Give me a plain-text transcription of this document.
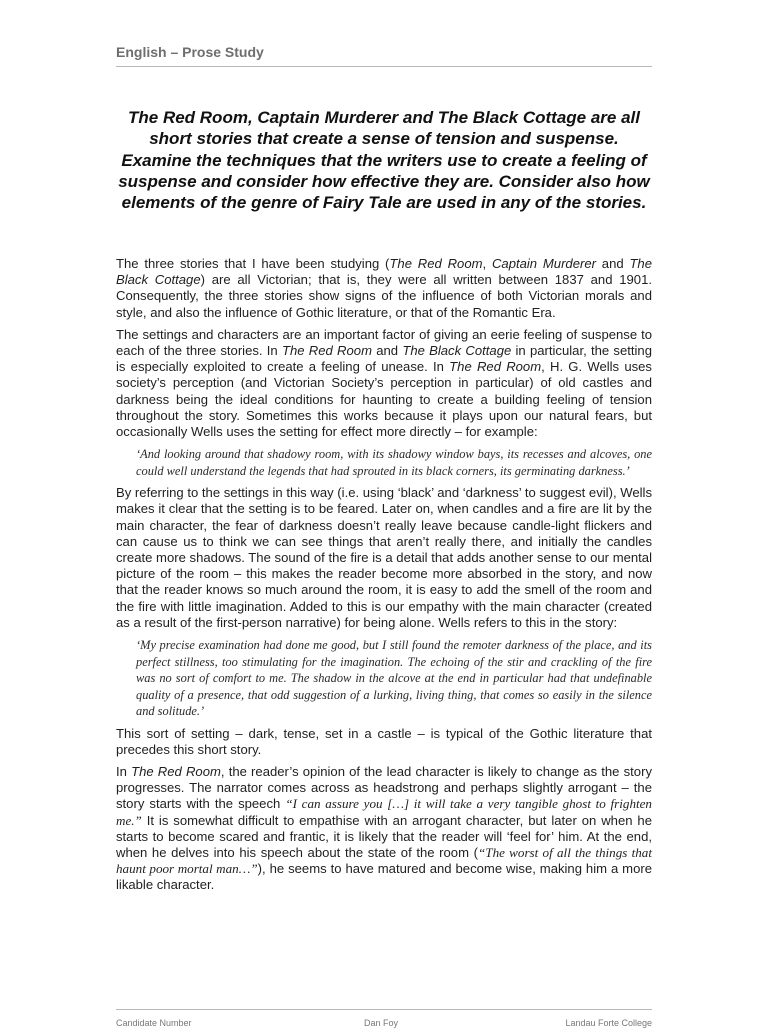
English – Prose Study
The Red Room, Captain Murderer and The Black Cottage are all short stories that create a sense of tension and suspense. Examine the techniques that the writers use to create a feeling of suspense and consider how effective they are. Consider also how elements of the genre of Fairy Tale are used in any of the stories.

The three stories that I have been studying (The Red Room, Captain Murderer and The Black Cottage) are all Victorian; that is, they were all written between 1837 and 1901. Consequently, the three stories show signs of the influence of both Victorian morals and style, and also the influence of Gothic literature, or that of the Romantic Era.

The settings and characters are an important factor of giving an eerie feeling of suspense to each of the three stories. In The Red Room and The Black Cottage in particular, the setting is especially exploited to create a feeling of unease. In The Red Room, H. G. Wells uses society’s perception (and Victorian Society’s perception in particular) of old castles and darkness being the ideal conditions for haunting to create a building feeling of tension throughout the story. Sometimes this works because it plays upon our natural fears, but occasionally Wells uses the setting for effect more directly – for example:

‘And looking around that shadowy room, with its shadowy window bays, its recesses and alcoves, one could well understand the legends that had sprouted in its black corners, its germinating darkness.’

By referring to the settings in this way (i.e. using ‘black’ and ‘darkness’ to suggest evil), Wells makes it clear that the setting is to be feared. Later on, when candles and a fire are lit by the main character, the fear of darkness doesn’t really leave because candle-light flickers and can cause us to think we can see things that aren’t really there, and initially the candles create more shadows. The sound of the fire is a detail that adds another sense to our mental picture of the room – this makes the reader become more absorbed in the story, and now that the reader knows so much around the room, it is easy to add the smell of the room and the fire with little imagination. Added to this is our empathy with the main character (created as a result of the first-person narrative) for being alone. Wells refers to this in the story:

‘My precise examination had done me good, but I still found the remoter darkness of the place, and its perfect stillness, too stimulating for the imagination. The echoing of the stir and crackling of the fire was no sort of comfort to me. The shadow in the alcove at the end in particular had that undefinable quality of a presence, that odd suggestion of a lurking, living thing, that comes so easily in the silence and solitude.’

This sort of setting – dark, tense, set in a castle – is typical of the Gothic literature that precedes this short story.

In The Red Room, the reader’s opinion of the lead character is likely to change as the story progresses. The narrator comes across as headstrong and perhaps slightly arrogant – the story starts with the speech “I can assure you […] it will take a very tangible ghost to frighten me.” It is somewhat difficult to empathise with an arrogant character, but later on when he starts to become scared and frantic, it is likely that the reader will ‘feel for’ him. At the end, when he delves into his speech about the state of the room (“The worst of all the things that haunt poor mortal man…”), he seems to have matured and become wise, making him a more likable character.

Candidate Number	Dan Foy	Landau Forte College
